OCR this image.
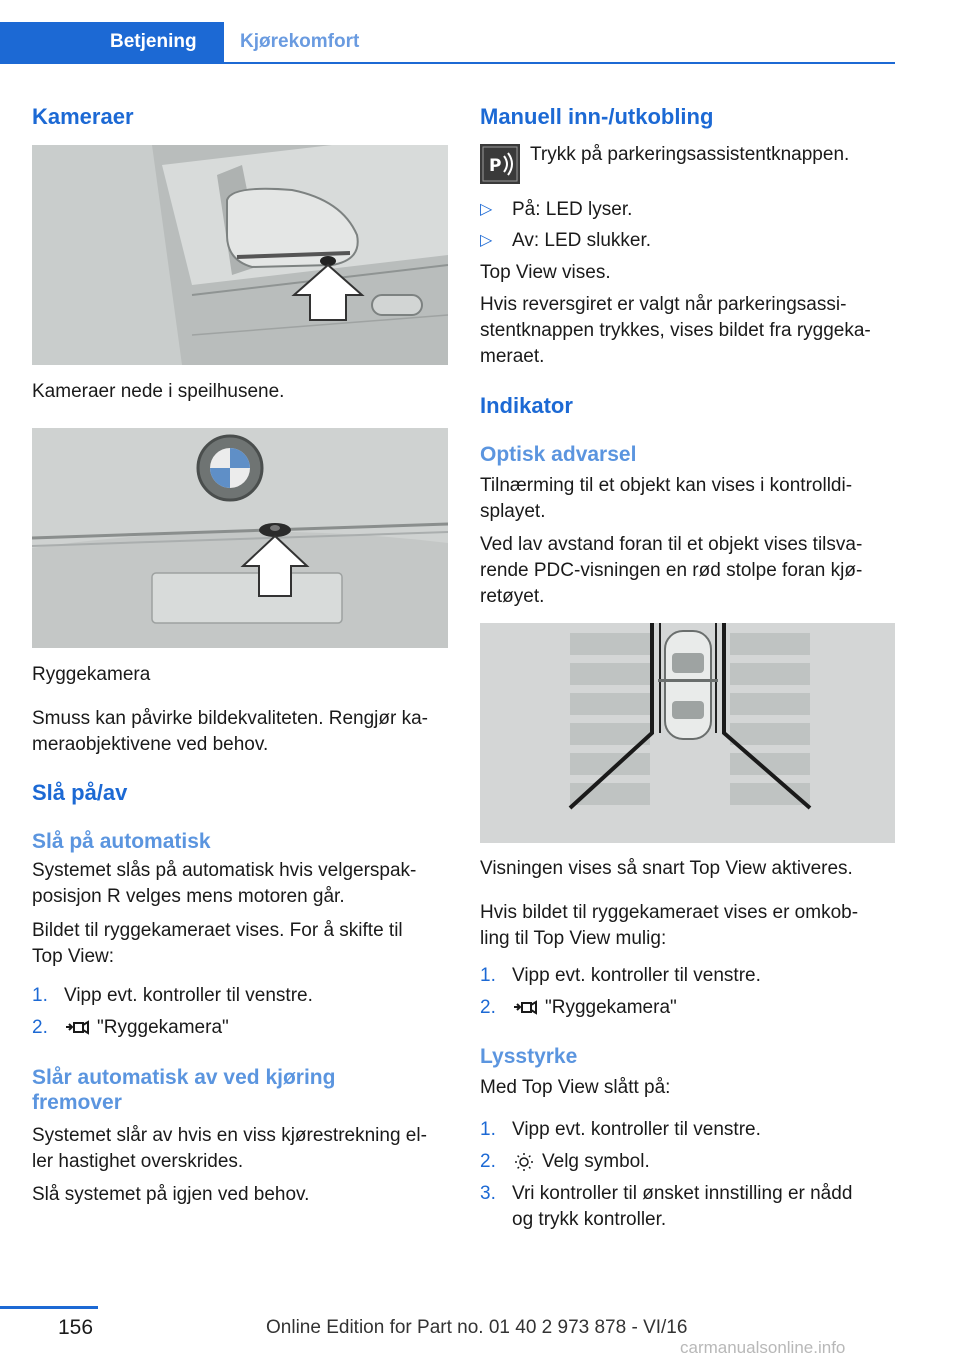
Betjening Kjørekomfort
Kameraer
Kameraer nede i speilhusene.
Ryggekamera

Smuss kan påvirke bildekvaliteten. Rengjør ka-

meraobjektivene ved behov.

Slå på/av
Slå på automatisk

Systemet slås på automatisk hvis velgerspak-

posisjon R velges mens motoren går.

Bildet til ryggekameraet vises. For å skifte til

Top View:

1. Vipp evt. kontroller til venstre.
2.	"Ryggekamera"
Slår automatisk av ved kjøring
fremover

Systemet slår av hvis en viss kjørestrekning el-

ler hastighet overskrides.

Slå systemet på igjen ved behov.

Manuell inn-/utkobling
P

Trykk på parkeringsassistentknappen.

▷ På: LED lyser.
▷ Av: LED slukker.

Top View vises.

Hvis reversgiret er valgt når parkeringsassi-

stentknappen trykkes, vises bildet fra ryggeka-

meraet.

Indikator
Optisk advarsel

Tilnærming til et objekt kan vises i kontrolldi-

splayet.

Ved lav avstand foran til et objekt vises tilsva-

rende PDC-visningen en rød stolpe foran kjø-

retøyet.

Visningen vises så snart Top View aktiveres.

Hvis bildet til ryggekameraet vises er omkob-

ling til Top View mulig:

1. Vipp evt. kontroller til venstre.
2.	"Ryggekamera"
Lysstyrke

Med Top View slått på:

1. Vipp evt. kontroller til venstre.
2. Velg symbol.
3. Vri kontroller til ønsket innstilling er nådd

og trykk kontroller.

156	Online Edition for Part no. 01 40 2 973 878 - VI/16
carmanualsonline.info
